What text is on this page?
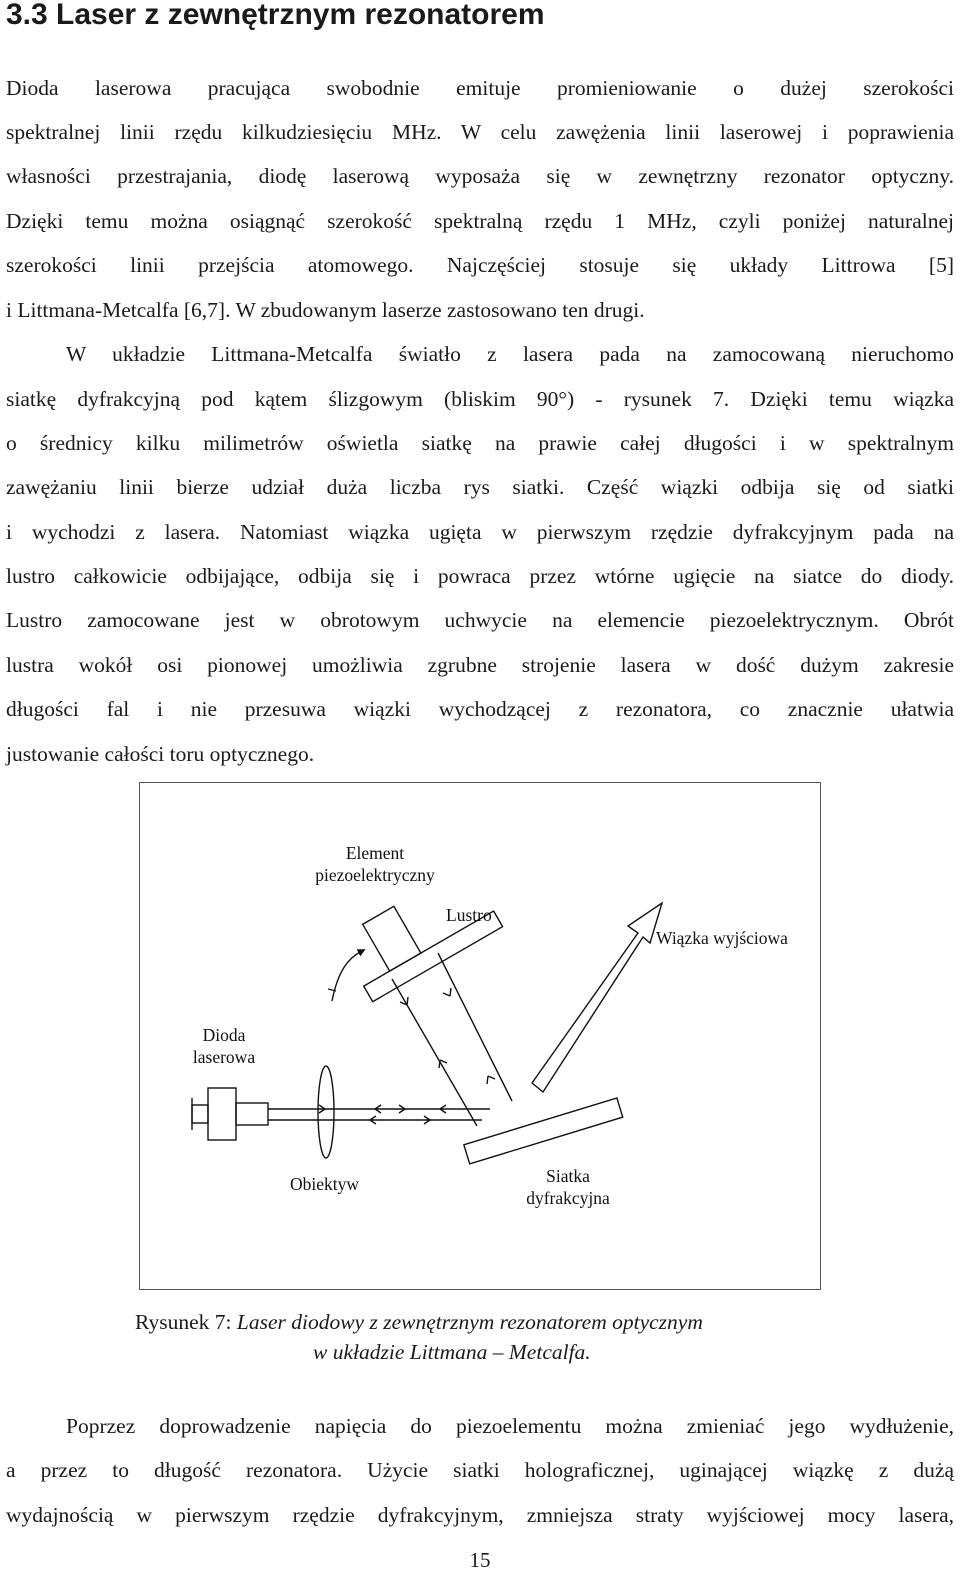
3.3 Laser z zewnętrznym rezonatorem

Dioda laserowa pracująca swobodnie emituje promieniowanie o dużej szerokości

spektralnej linii rzędu kilkudziesięciu MHz. W celu zawężenia linii laserowej i poprawienia

własności przestrajania, diodę laserową wyposaża się w zewnętrzny rezonator optyczny.

Dzięki temu można osiągnąć szerokość spektralną rzędu 1 MHz, czyli poniżej naturalnej

szerokości linii przejścia atomowego. Najczęściej stosuje się układy Littrowa [5]

i Littmana-Metcalfa [6,7]. W zbudowanym laserze zastosowano ten drugi.

W układzie Littmana-Metcalfa światło z lasera pada na zamocowaną nieruchomo

siatkę dyfrakcyjną pod kątem ślizgowym (bliskim 90°) - rysunek 7. Dzięki temu wiązka

o średnicy kilku milimetrów oświetla siatkę na prawie całej długości i w spektralnym

zawężaniu linii bierze udział duża liczba rys siatki. Część wiązki odbija się od siatki

i wychodzi z lasera. Natomiast wiązka ugięta w pierwszym rzędzie dyfrakcyjnym pada na

lustro całkowicie odbijające, odbija się i powraca przez wtórne ugięcie na siatce do diody.

Lustro zamocowane jest w obrotowym uchwycie na elemencie piezoelektrycznym. Obrót

lustra wokół osi pionowej umożliwia zgrubne strojenie lasera w dość dużym zakresie

długości fal i nie przesuwa wiązki wychodzącej z rezonatora, co znacznie ułatwia

justowanie całości toru optycznego.

Element
piezoelektryczny
Lustro
Wiązka wyjściowa
Dioda
laserowa
Obiektyw	Siatka
dyfrakcyjna
Rysunek 7: Laser diodowy z zewnętrznym rezonatorem optycznym
w układzie Littmana – Metcalfa.

Poprzez doprowadzenie napięcia do piezoelementu można zmieniać jego wydłużenie,

a przez to długość rezonatora. Użycie siatki holograficznej, uginającej wiązkę z dużą

wydajnością w pierwszym rzędzie dyfrakcyjnym, zmniejsza straty wyjściowej mocy lasera,

15
